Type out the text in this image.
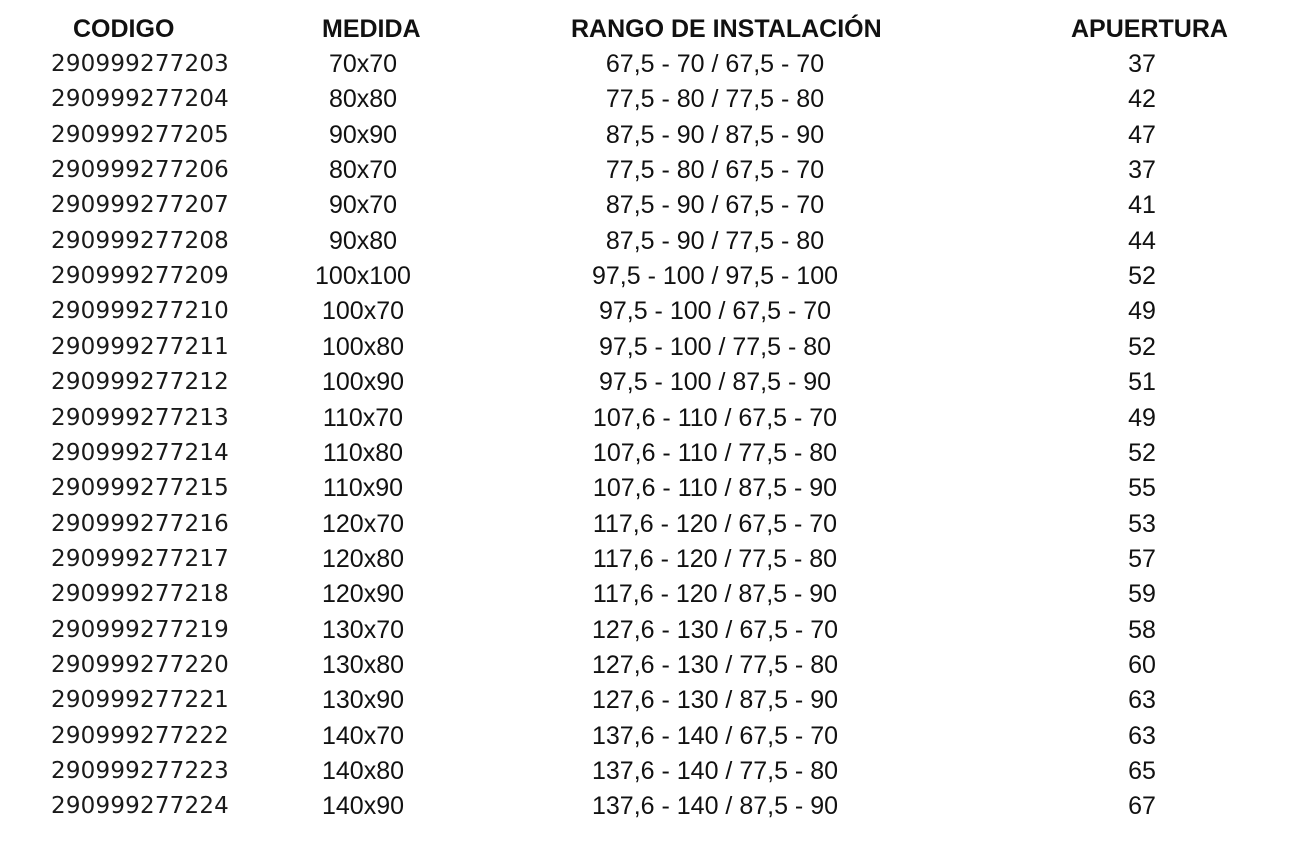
CODIGO	MEDIDA	RANGO DE INSTALACIÓN	APUERTURA
290999277203	70x70	67,5 - 70 / 67,5 - 70	37
290999277204	80x80	77,5 - 80 / 77,5 - 80	42
290999277205	90x90	87,5 - 90 / 87,5 - 90	47
290999277206	80x70	77,5 - 80 / 67,5 - 70	37
290999277207	90x70	87,5 - 90 / 67,5 - 70	41
290999277208	90x80	87,5 - 90 / 77,5 - 80	44
290999277209	100x100	97,5 - 100 / 97,5 - 100	52
290999277210	100x70	97,5 - 100 / 67,5 - 70	49
290999277211	100x80	97,5 - 100 / 77,5 - 80	52
290999277212	100x90	97,5 - 100 / 87,5 - 90	51
290999277213	110x70	107,6 - 110 / 67,5 - 70	49
290999277214	110x80	107,6 - 110 / 77,5 - 80	52
290999277215	110x90	107,6 - 110 / 87,5 - 90	55
290999277216	120x70	117,6 - 120 / 67,5 - 70	53
290999277217	120x80	117,6 - 120 / 77,5 - 80	57
290999277218	120x90	117,6 - 120 / 87,5 - 90	59
290999277219	130x70	127,6 - 130 / 67,5 - 70	58
290999277220	130x80	127,6 - 130 / 77,5 - 80	60
290999277221	130x90	127,6 - 130 / 87,5 - 90	63
290999277222	140x70	137,6 - 140 / 67,5 - 70	63
290999277223	140x80	137,6 - 140 / 77,5 - 80	65
290999277224	140x90	137,6 - 140 / 87,5 - 90	67
